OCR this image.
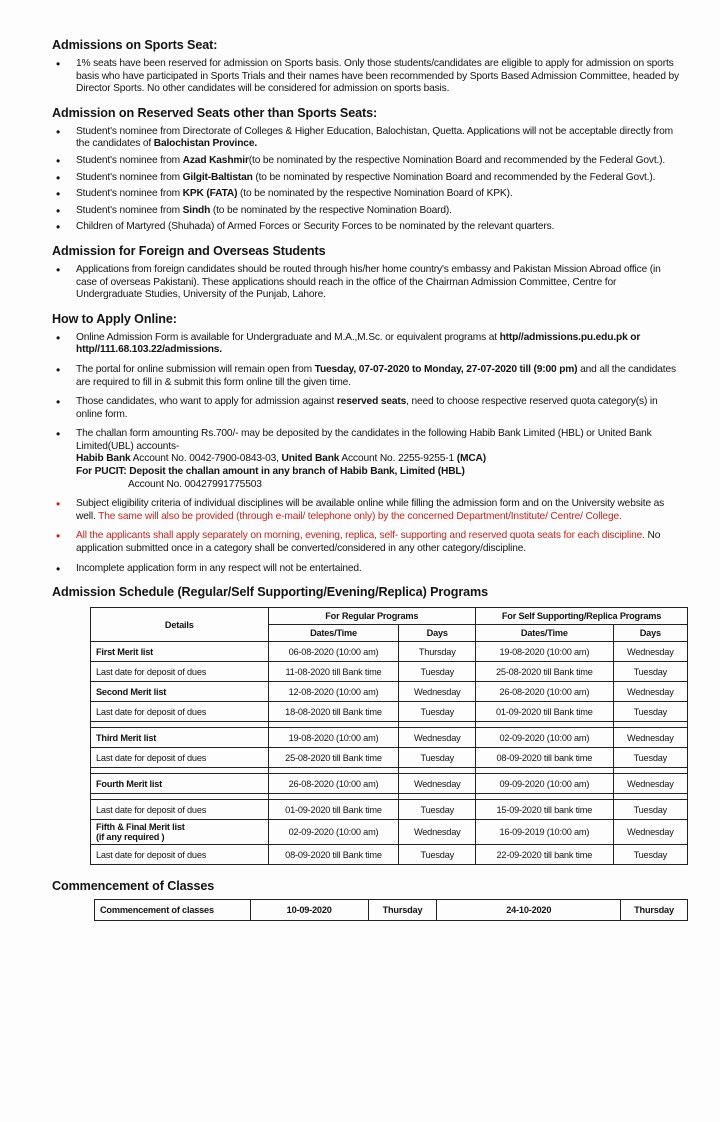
Admissions on Sports Seat:
• 1% seats have been reserved for admission on Sports basis. Only those students/candidates are eligible to apply for admission on sports basis who have participated in Sports Trials and their names have been recommended by Sports Based Admission Committee, headed by Director Sports. No other candidates will be considered for admission on sports basis.
Admission on Reserved Seats other than Sports Seats:
• Student's nominee from Directorate of Colleges & Higher Education, Balochistan, Quetta. Applications will not be acceptable directly from the candidates of Balochistan Province.
• Student's nominee from Azad Kashmir(to be nominated by the respective Nomination Board and recommended by the Federal Govt.).
• Student's nominee from Gilgit-Baltistan (to be nominated by respective Nomination Board and recommended by the Federal Govt.).
• Student's nominee from KPK (FATA) (to be nominated by the respective Nomination Board of KPK).
• Student's nominee from Sindh (to be nominated by the respective Nomination Board).
• Children of Martyred (Shuhada) of Armed Forces or Security Forces to be nominated by the relevant quarters.
Admission for Foreign and Overseas Students
• Applications from foreign candidates should be routed through his/her home country's embassy and Pakistan Mission Abroad office (in case of overseas Pakistani). These applications should reach in the office of the Chairman Admission Committee, Centre for Undergraduate Studies, University of the Punjab, Lahore.
How to Apply Online:
• Online Admission Form is available for Undergraduate and M.A.,M.Sc. or equivalent programs at http//admissions.pu.edu.pk or http//111.68.103.22/admissions.
• The portal for online submission will remain open from Tuesday, 07-07-2020 to Monday, 27-07-2020 till (9:00 pm) and all the candidates are required to fill in & submit this form online till the given time.
• Those candidates, who want to apply for admission against reserved seats, need to choose respective reserved quota category(s) in online form.
• The challan form amounting Rs.700/- may be deposited by the candidates in the following Habib Bank Limited (HBL) or United Bank Limited(UBL) accounts-
Habib Bank Account No. 0042-7900-0843-03, United Bank Account No. 2255-9255-1 (MCA)
For PUCIT: Deposit the challan amount in any branch of Habib Bank, Limited (HBL)
Account No. 00427991775503
• Subject eligibility criteria of individual disciplines will be available online while filling the admission form and on the University website as well. The same will also be provided (through e-mail/ telephone only) by the concerned Department/Institute/ Centre/ College.
• All the applicants shall apply separately on morning, evening, replica, self- supporting and reserved quota seats for each discipline. No application submitted once in a category shall be converted/considered in any other category/discipline.
• Incomplete application form in any respect will not be entertained.
Admission Schedule (Regular/Self Supporting/Evening/Replica) Programs
Details	For Regular Programs		For Self Supporting/Replica Programs	
	Dates/Time	Days	Dates/Time	Days
First Merit list	06-08-2020 (10:00 am)	Thursday	19-08-2020 (10:00 am)	Wednesday
Last date for deposit of dues	11-08-2020 till Bank time	Tuesday	25-08-2020 till Bank time	Tuesday
Second Merit list	12-08-2020 (10:00 am)	Wednesday	26-08-2020 (10:00 am)	Wednesday
Last date for deposit of dues	18-08-2020 till Bank time	Tuesday	01-09-2020 till Bank time	Tuesday

Third Merit list	19-08-2020 (10:00 am)	Wednesday	02-09-2020 (10:00 am)	Wednesday
Last date for deposit of dues	25-08-2020 till Bank time	Tuesday	08-09-2020 till bank time	Tuesday

Fourth Merit list	26-08-2020 (10:00 am)	Wednesday	09-09-2020 (10:00 am)	Wednesday

Last date for deposit of dues	01-09-2020 till Bank time	Tuesday	15-09-2020 till bank time	Tuesday
Fifth & Final Merit list
(if any required )	02-09-2020 (10:00 am)	Wednesday	16-09-2019 (10:00 am)	Wednesday
Last date for deposit of dues	08-09-2020 till Bank time	Tuesday	22-09-2020 till bank time	Tuesday
Commencement of Classes
Commencement of classes	10-09-2020	Thursday	24-10-2020	Thursday
